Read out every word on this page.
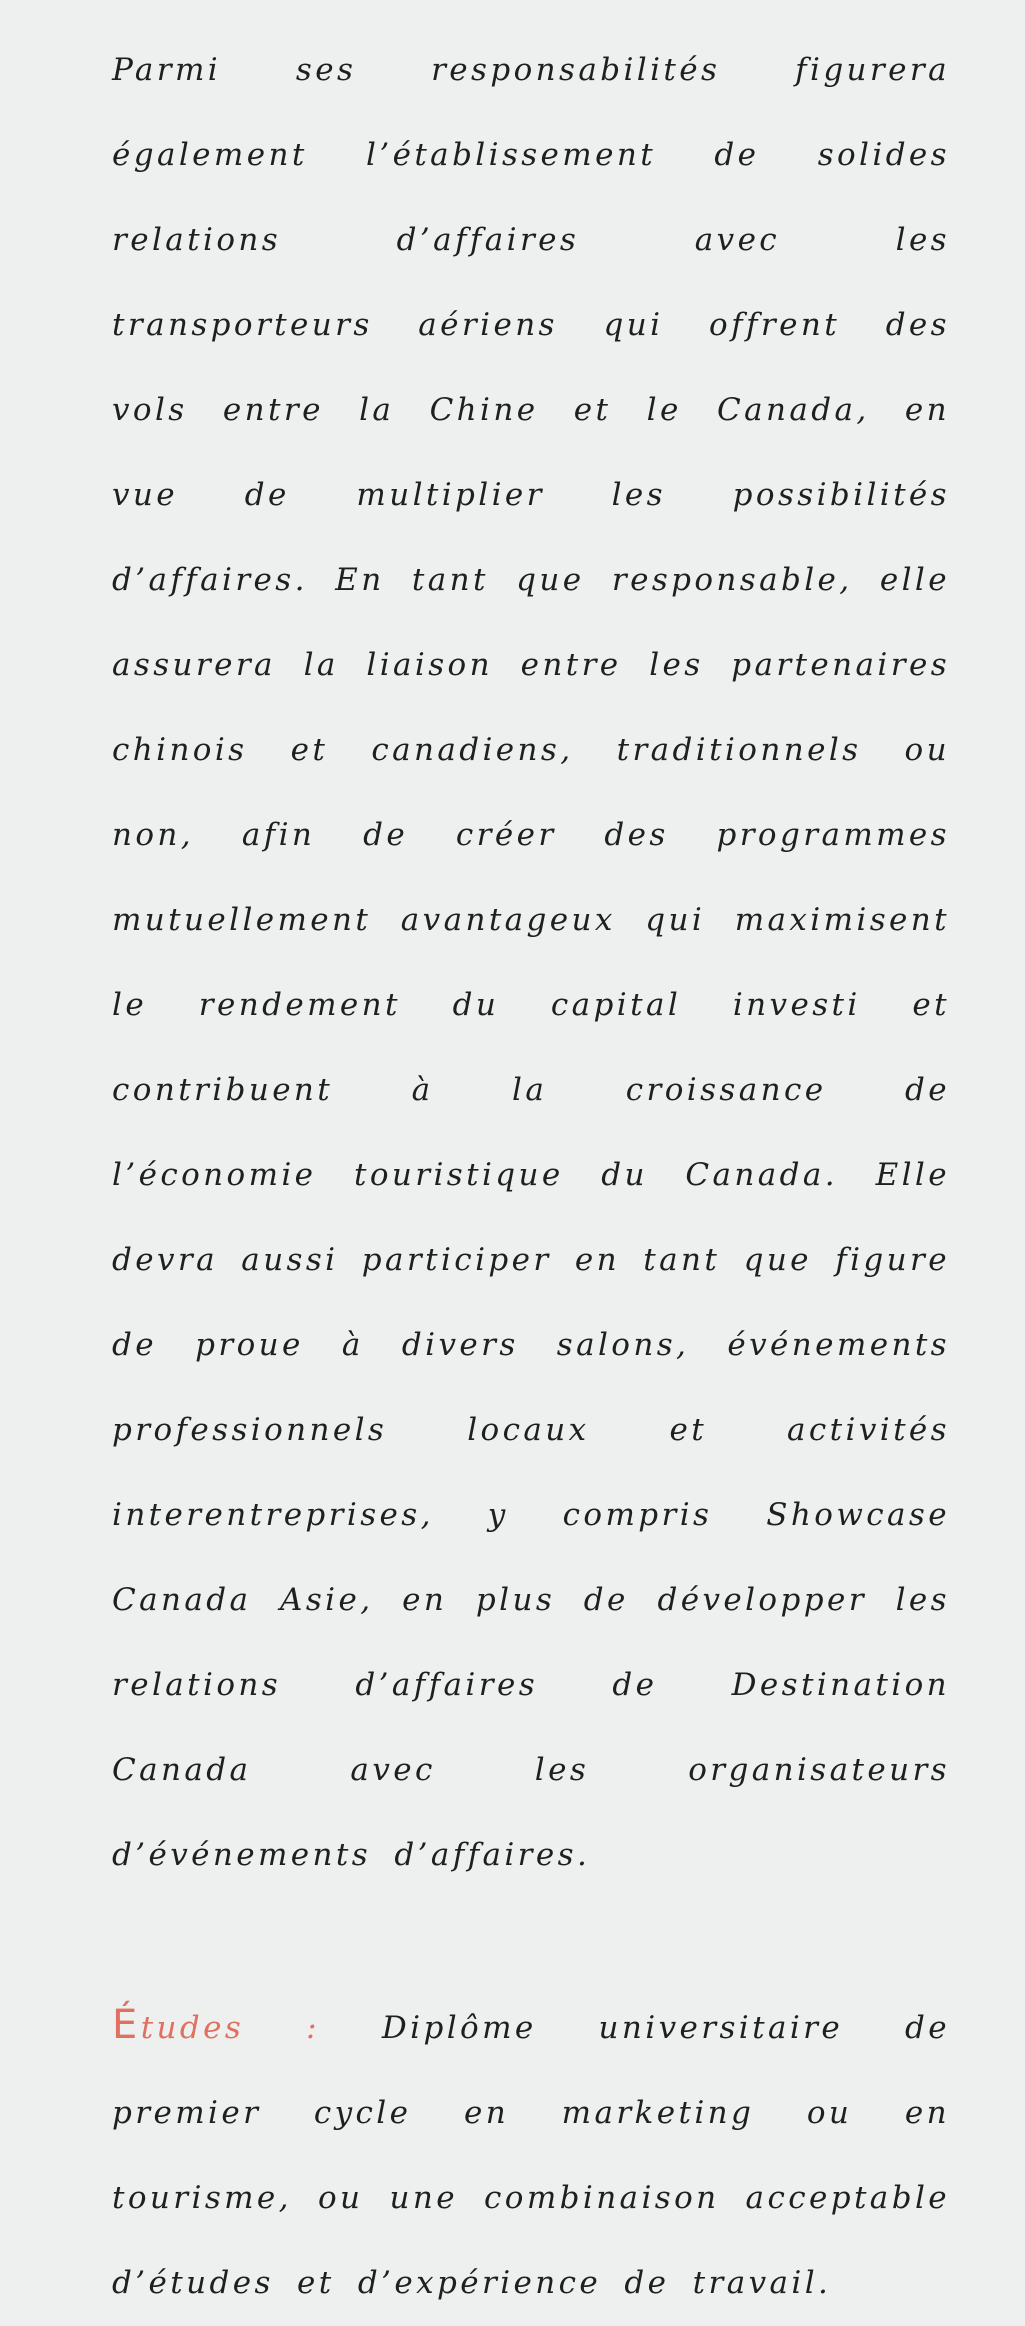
Parmi ses responsabilités figurera également l’établissement de solides relations d’affaires avec les transporteurs aériens qui offrent des vols entre la Chine et le Canada, en vue de multiplier les possibilités d’affaires. En tant que responsable, elle assurera la liaison entre les partenaires chinois et canadiens, traditionnels ou non, afin de créer des programmes mutuellement avantageux qui maximisent le rendement du capital investi et contribuent à la croissance de l’économie touristique du Canada. Elle devra aussi participer en tant que figure de proue à divers salons, événements professionnels locaux et activités interentreprises, y compris Showcase Canada Asie, en plus de développer les relations d’affaires de Destination Canada avec les organisateurs d’événements d’affaires.

Études : Diplôme universitaire de premier cycle en marketing ou en tourisme, ou une combinaison acceptable d’études et d’expérience de travail.
